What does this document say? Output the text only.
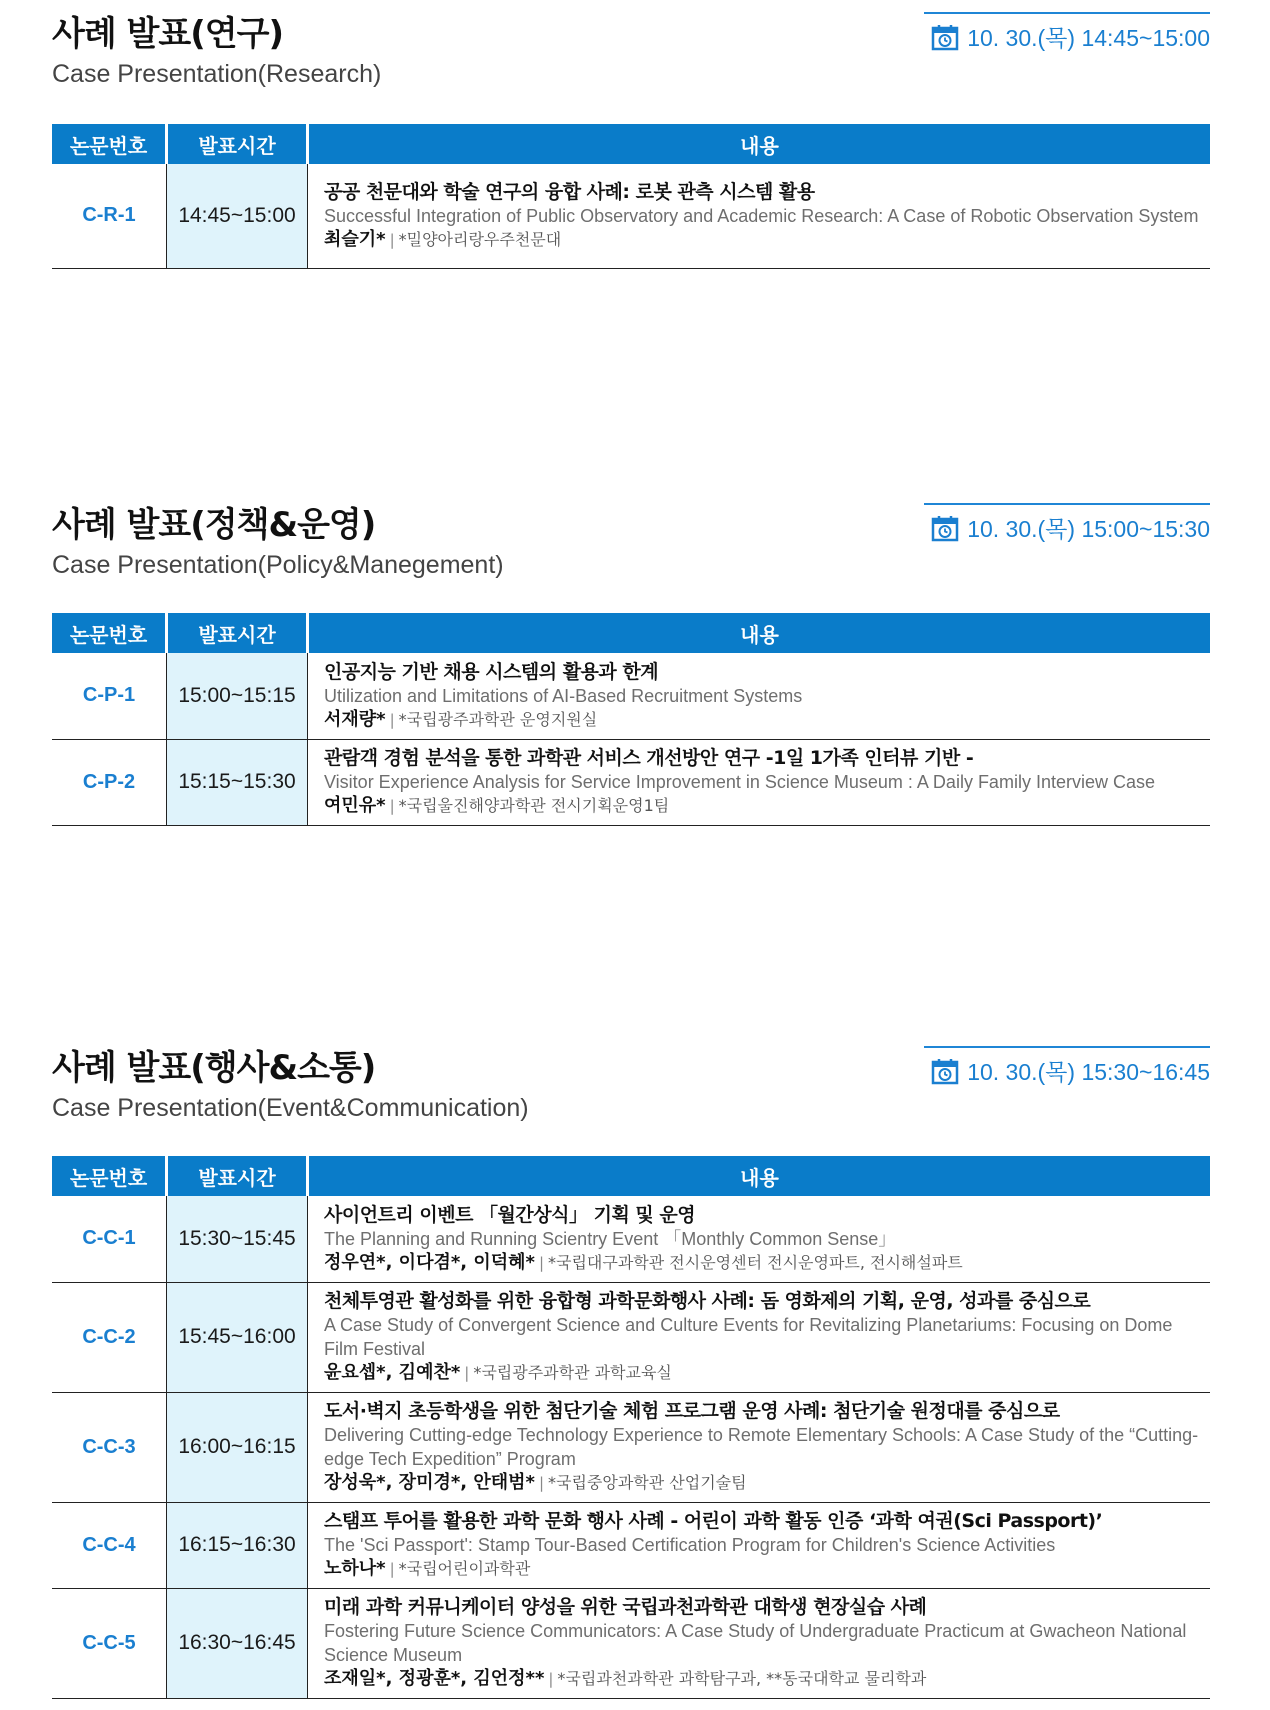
사례 발표(연구)
Case Presentation(Research)
10. 30.(목) 14:45~15:00
논문번호	발표시간	내용
C-R-1	14:45~15:00	공공 천문대와 학술 연구의 융합 사례: 로봇 관측 시스템 활용
Successful Integration of Public Observatory and Academic Research: A Case of Robotic Observation System
최슬기* | *밀양아리랑우주천문대
사례 발표(정책&운영)
Case Presentation(Policy&Manegement)
10. 30.(목) 15:00~15:30
논문번호	발표시간	내용
C-P-1	15:00~15:15	인공지능 기반 채용 시스템의 활용과 한계
Utilization and Limitations of AI-Based Recruitment Systems
서재량* | *국립광주과학관 운영지원실

C-P-2	15:15~15:30	관람객 경험 분석을 통한 과학관 서비스 개선방안 연구 -1일 1가족 인터뷰 기반 -
Visitor Experience Analysis for Service Improvement in Science Museum : A Daily Family Interview Case
여민유* | *국립울진해양과학관 전시기획운영1팀
사례 발표(행사&소통)
Case Presentation(Event&Communication)
10. 30.(목) 15:30~16:45
논문번호	발표시간	내용
C-C-1	15:30~15:45	사이언트리 이벤트 「월간상식」 기획 및 운영
The Planning and Running Scientry Event 「Monthly Common Sense」
정우연*, 이다겸*, 이덕혜* | *국립대구과학관 전시운영센터 전시운영파트, 전시해설파트

C-C-2	15:45~16:00	천체투영관 활성화를 위한 융합형 과학문화행사 사례: 돔 영화제의 기획, 운영, 성과를 중심으로
A Case Study of Convergent Science and Culture Events for Revitalizing Planetariums: Focusing on Dome Film Festival
윤요셉*, 김예찬* | *국립광주과학관 과학교육실

C-C-3	16:00~16:15	도서·벽지 초등학생을 위한 첨단기술 체험 프로그램 운영 사례: 첨단기술 원정대를 중심으로
Delivering Cutting-edge Technology Experience to Remote Elementary Schools: A Case Study of the “Cutting-edge Tech Expedition” Program
장성욱*, 장미경*, 안태범* | *국립중앙과학관 산업기술팀

C-C-4	16:15~16:30	스탬프 투어를 활용한 과학 문화 행사 사례 - 어린이 과학 활동 인증 ‘과학 여권(Sci Passport)’
The 'Sci Passport': Stamp Tour-Based Certification Program for Children's Science Activities
노하나* | *국립어린이과학관

C-C-5	16:30~16:45	미래 과학 커뮤니케이터 양성을 위한 국립과천과학관 대학생 현장실습 사례
Fostering Future Science Communicators: A Case Study of Undergraduate Practicum at Gwacheon National Science Museum
조재일*, 정광훈*, 김언정** | *국립과천과학관 과학탐구과, **동국대학교 물리학과
